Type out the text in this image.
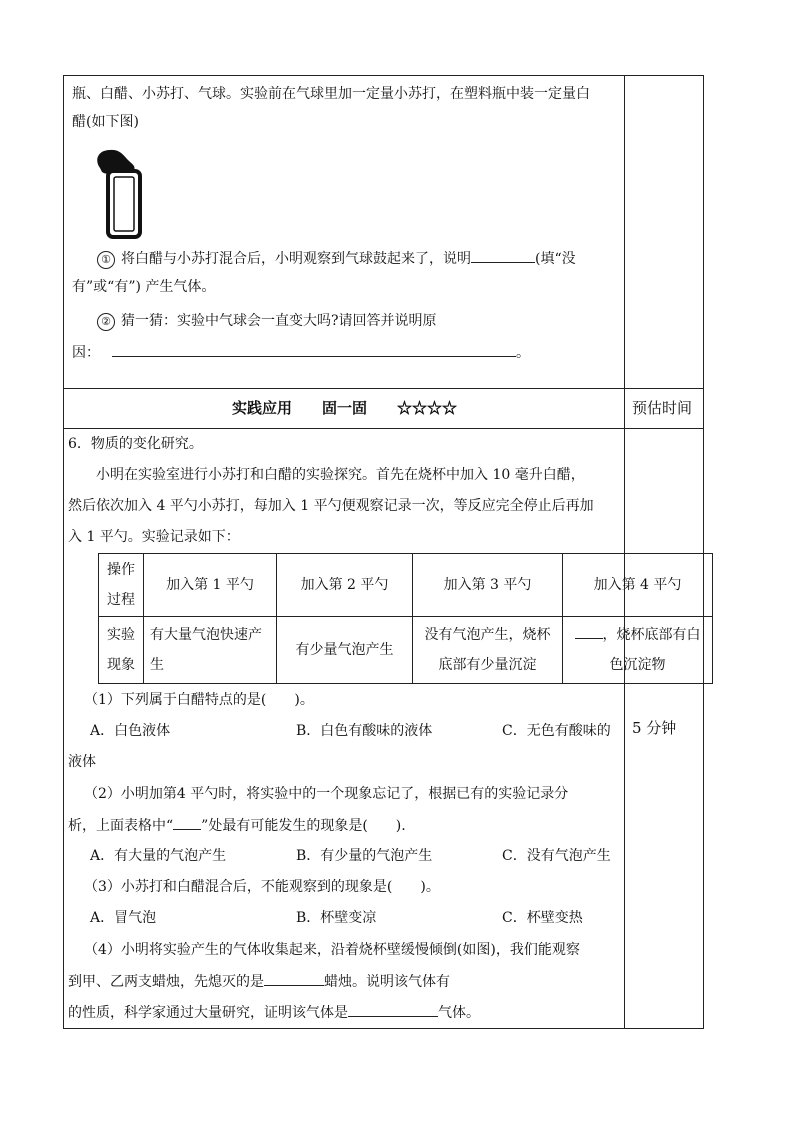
瓶、白醋、小苏打、气球。实验前在气球里加一定量小苏打，在塑料瓶中装一定量白
醋(如下图)
① 将白醋与小苏打混合后，小明观察到气球鼓起来了，说明	(填“没
有”或“有”) 产生气体。
② 猜一猜：实验中气球会一直变大吗?请回答并说明原
因：	。
实践应用　　固一固　　☆☆☆☆	预估时间
6．物质的变化研究。
小明在实验室进行小苏打和白醋的实验探究。首先在烧杯中加入 10 毫升白醋，
然后依次加入 4 平勺小苏打，每加入 1 平勺便观察记录一次，等反应完全停止后再加
入 1 平勺。实验记录如下：
操作
过程	加入第 1 平勺	加入第 2 平勺	加入第 3 平勺	加入第 4 平勺
实验
现象	有大量气泡快速产
生	有少量气泡产生	没有气泡产生，烧杯
底部有少量沉淀	，烧杯底部有白
色沉淀物
5 分钟
（1）下列属于白醋特点的是(　　)。
A．白色液体	B．白色有酸味的液体	C．无色有酸味的
液体
（2）小明加第4 平勺时，将实验中的一个现象忘记了，根据已有的实验记录分
析，上面表格中“ ”处最有可能发生的现象是(　　).
A．有大量的气泡产生	B．有少量的气泡产生	C．没有气泡产生
（3）小苏打和白醋混合后，不能观察到的现象是(　　)。
A．冒气泡	B．杯壁变凉	C．杯壁变热
（4）小明将实验产生的气体收集起来，沿着烧杯壁缓慢倾倒(如图)，我们能观察
到甲、乙两支蜡烛，先熄灭的是	蜡烛。说明该气体有
的性质，科学家通过大量研究，证明该气体是	气体。
